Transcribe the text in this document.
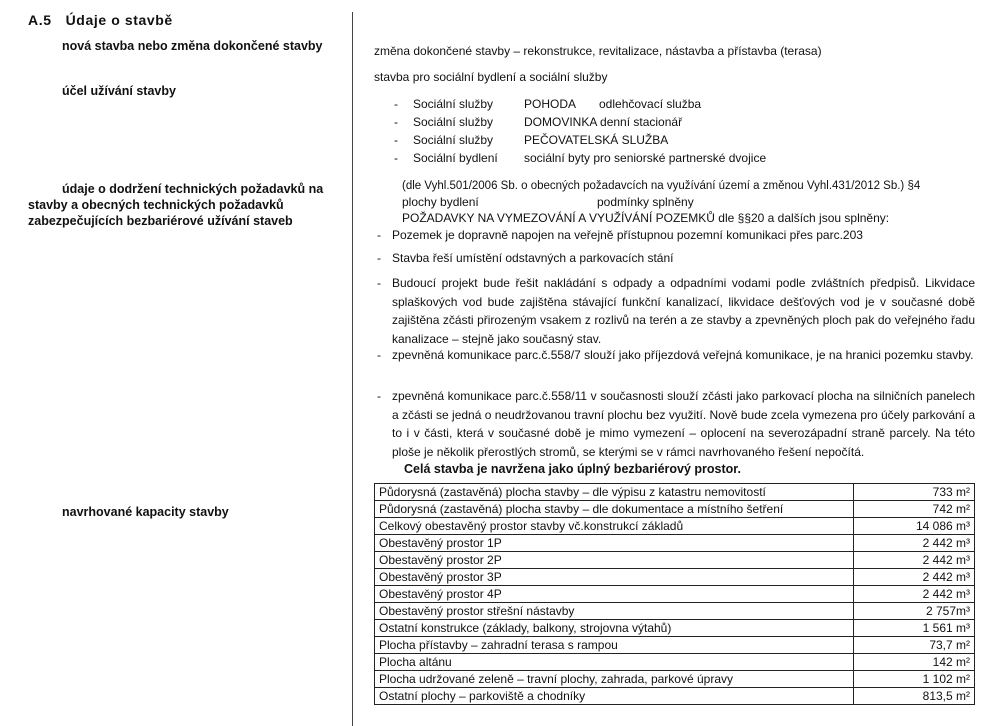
A.5 Údaje o stavbě
nová stavba nebo změna dokončené stavby
účel užívání stavby
údaje o dodržení technických požadavků na stavby a obecných technických požadavků zabezpečujících bezbariérové užívání staveb
navrhované kapacity stavby
změna dokončené stavby – rekonstrukce, revitalizace, nástavba a přístavba (terasa)
stavba pro sociální bydlení a sociální služby
- Sociální služby	POHODA odlehčovací služba
- Sociální služby	DOMOVINKA denní stacionář
- Sociální služby	PEČOVATELSKÁ SLUŽBA
- Sociální bydlení sociální byty pro seniorské partnerské dvojice
(dle Vyhl.501/2006 Sb. o obecných požadavcích na využívání území a změnou Vyhl.431/2012 Sb.) §4
plochy bydlení	podmínky splněny
POŽADAVKY NA VYMEZOVÁNÍ A VYUŽÍVÁNÍ POZEMKŮ dle §§20 a dalších jsou splněny:
- Pozemek je dopravně napojen na veřejně přístupnou pozemní komunikaci přes parc.203
- Stavba řeší umístění odstavných a parkovacích stání
- Budoucí projekt bude řešit nakládání s odpady a odpadními vodami podle zvláštních předpisů. Likvidace splaškových vod bude zajištěna stávající funkční kanalizací, likvidace dešťových vod je v současné době zajištěna zčásti přirozeným vsakem z rozlivů na terén a ze stavby a zpevněných ploch pak do veřejného řadu kanalizace – stejně jako současný stav.
- zpevněná komunikace parc.č.558/7 slouží jako příjezdová veřejná komunikace, je na hranici pozemku stavby.
- zpevněná komunikace parc.č.558/11 v současnosti slouží zčásti jako parkovací plocha na silničních panelech a zčásti se jedná o neudržovanou travní plochu bez využití. Nově bude zcela vymezena pro účely parkování a to i v části, která v současné době je mimo vymezení – oplocení na severozápadní straně parcely. Na této ploše je několik přerostlých stromů, se kterými se v rámci navrhovaného řešení nepočítá.
Celá stavba je navržena jako úplný bezbariérový prostor.
Půdorysná (zastavěná) plocha stavby – dle výpisu z katastru nemovitostí	733 m²
Půdorysná (zastavěná) plocha stavby – dle dokumentace a místního šetření	742 m²
Celkový obestavěný prostor stavby vč.konstrukcí základů	14 086 m³
Obestavěný prostor 1P	2 442 m³
Obestavěný prostor 2P	2 442 m³
Obestavěný prostor 3P	2 442 m³
Obestavěný prostor 4P	2 442 m³
Obestavěný prostor střešní nástavby	2 757m³
Ostatní konstrukce (základy, balkony, strojovna výtahů)	1 561 m³
Plocha přístavby – zahradní terasa s rampou	73,7 m²
Plocha altánu	142 m²
Plocha udržované zeleně – travní plochy, zahrada, parkové úpravy	1 102 m²
Ostatní plochy – parkoviště a chodníky	813,5 m²
